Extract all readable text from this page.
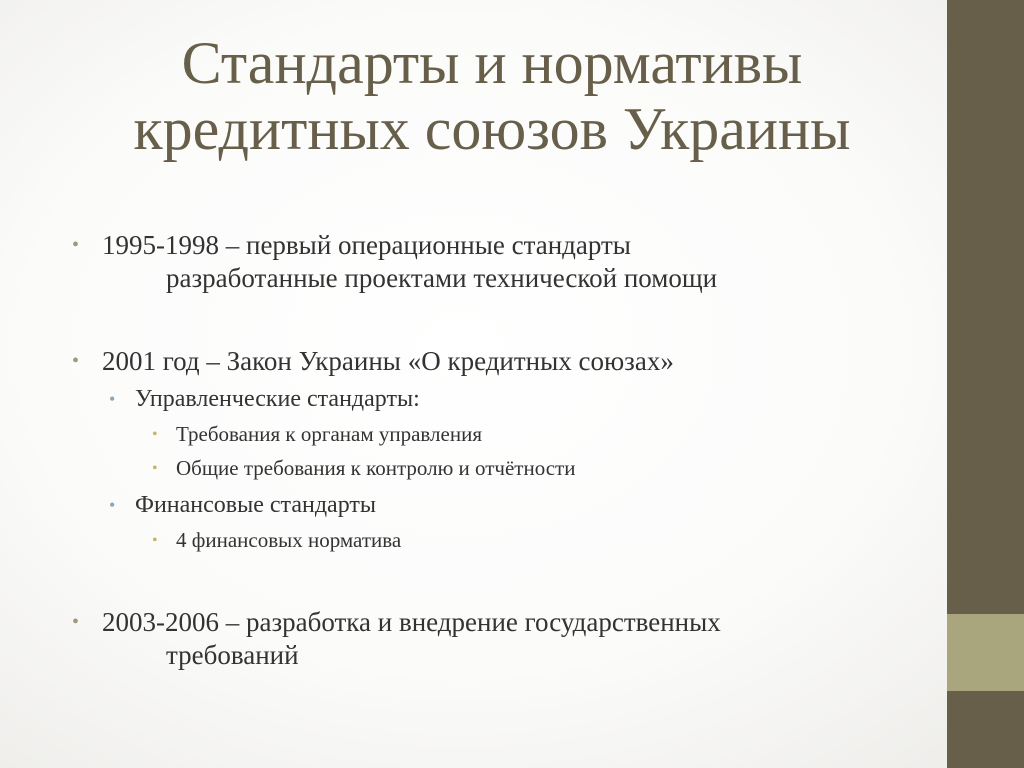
Стандарты и нормативы
кредитных союзов Украины
• 1995-1998 – первый операционные стандарты
разработанные проектами технической помощи
• 2001 год – Закон Украины «О кредитных союзах»
• Управленческие стандарты:
• Требования к органам управления
• Общие требования к контролю и отчётности
• Финансовые стандарты
• 4 финансовых норматива
• 2003-2006 – разработка и внедрение государственных
требований
